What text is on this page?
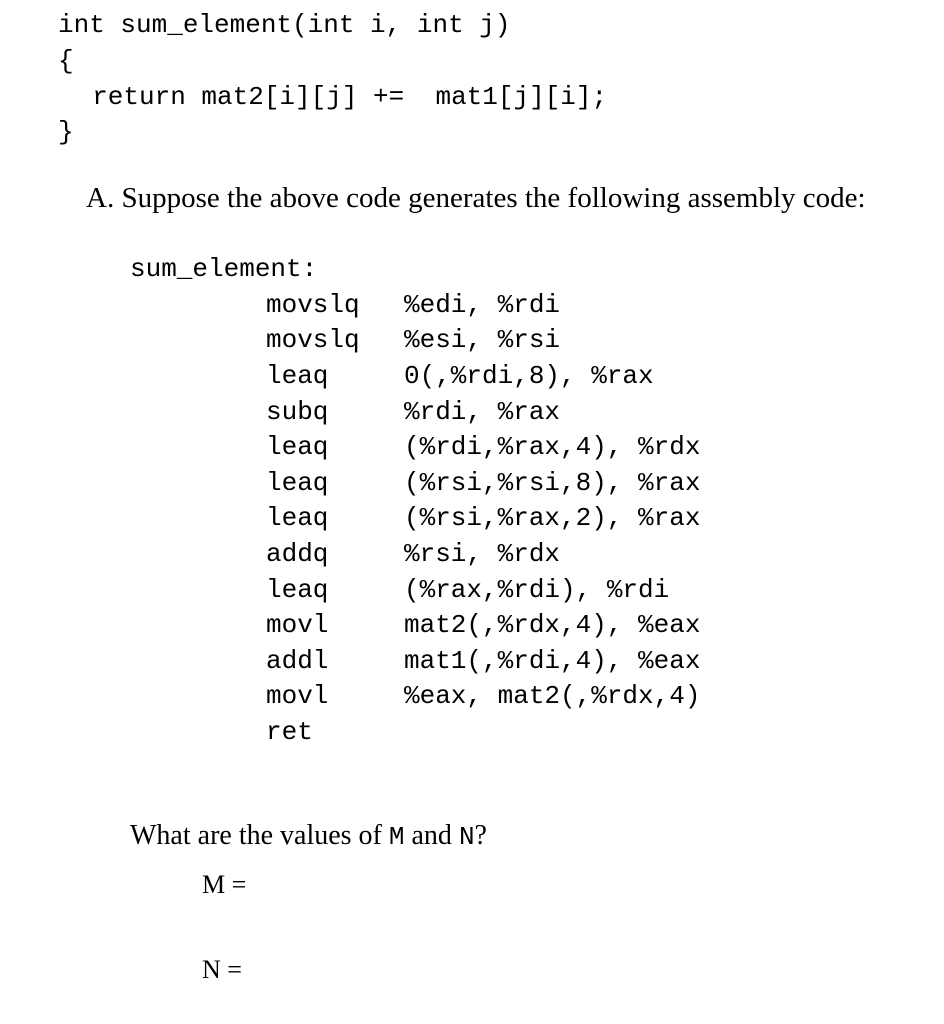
int sum_element(int i, int j)
{
return mat2[i][j] +=  mat1[j][i];
}
A. Suppose the above code generates the following assembly code:
sum_element:
movslq	%edi, %rdi
movslq	%esi, %rsi
leaq	0(,%rdi,8), %rax
subq	%rdi, %rax
leaq	(%rdi,%rax,4), %rdx
leaq	(%rsi,%rsi,8), %rax
leaq	(%rsi,%rax,2), %rax
addq	%rsi, %rdx
leaq	(%rax,%rdi), %rdi
movl	mat2(,%rdx,4), %eax
addl	mat1(,%rdi,4), %eax
movl	%eax, mat2(,%rdx,4)
ret
What are the values of M and N?
M =
N =
